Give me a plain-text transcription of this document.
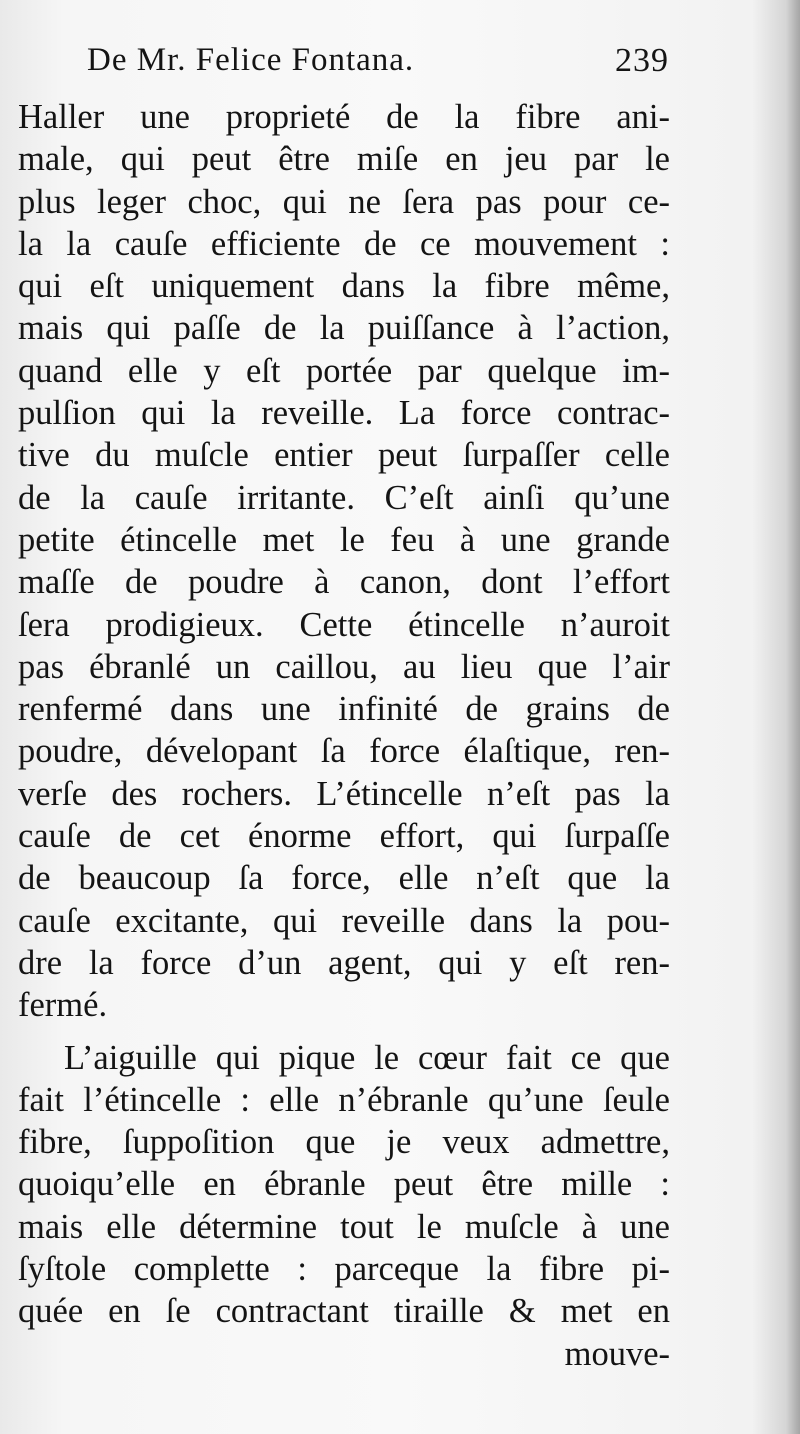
De Mr. Felice Fontana.	239
Haller une proprieté de la fibre ani-
male, qui peut être miſe en jeu par le
plus leger choc, qui ne ſera pas pour ce-
la la cauſe efficiente de ce mouvement :
qui eſt uniquement dans la fibre même,
mais qui paſſe de la puiſſance à l’action,
quand elle y eſt portée par quelque im-
pulſion qui la reveille. La force contrac-
tive du muſcle entier peut ſurpaſſer celle
de la cauſe irritante. C’eſt ainſi qu’une
petite étincelle met le feu à une grande
maſſe de poudre à canon, dont l’effort
ſera prodigieux. Cette étincelle n’auroit
pas ébranlé un caillou, au lieu que l’air
renfermé dans une infinité de grains de
poudre, dévelopant ſa force élaſtique, ren-
verſe des rochers. L’étincelle n’eſt pas la
cauſe de cet énorme effort, qui ſurpaſſe
de beaucoup ſa force, elle n’eſt que la
cauſe excitante, qui reveille dans la pou-
dre la force d’un agent, qui y eſt ren-
fermé.
L’aiguille qui pique le cœur fait ce que
fait l’étincelle : elle n’ébranle qu’une ſeule
fibre, ſuppoſition que je veux admettre,
quoiqu’elle en ébranle peut être mille :
mais elle détermine tout le muſcle à une
ſyſtole complette : parceque la fibre pi-
quée en ſe contractant tiraille & met en
mouve-
